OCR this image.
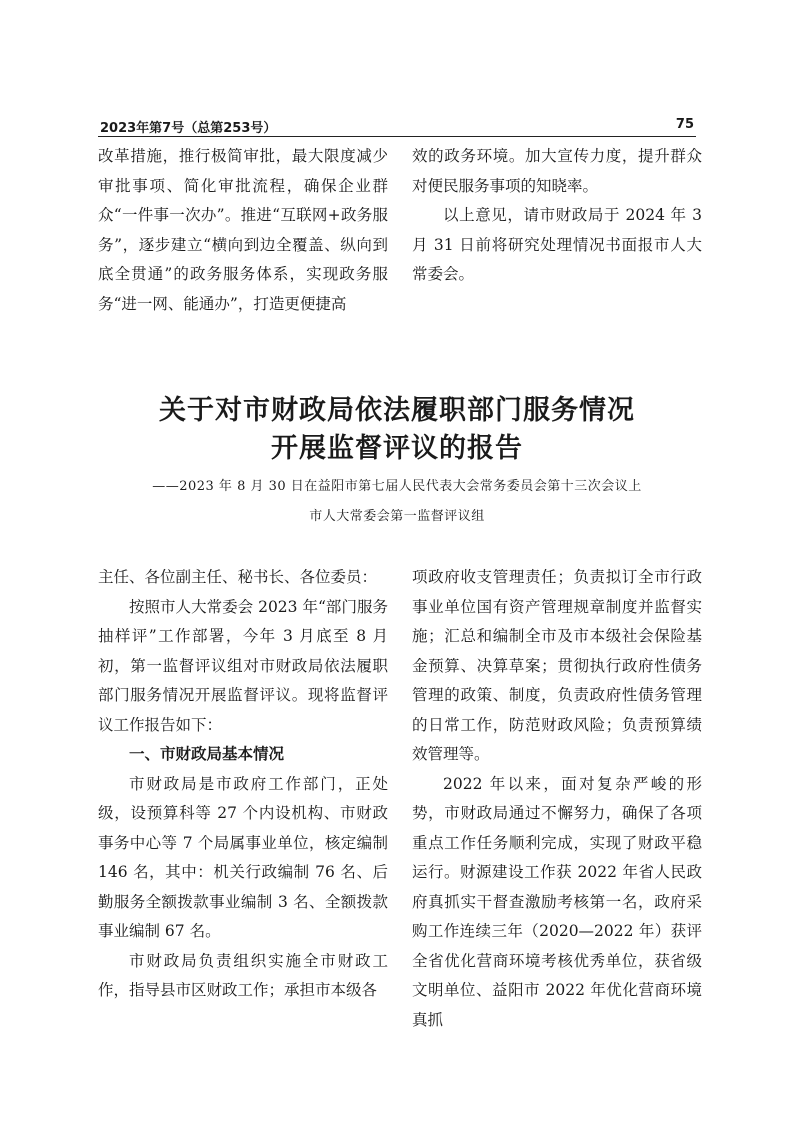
2023年第7号（总第253号）	75

改革措施，推行极简审批，最大限度减少审批事项、简化审批流程，确保企业群众“一件事一次办”。推进“互联网+政务服务”，逐步建立“横向到边全覆盖、纵向到底全贯通”的政务服务体系，实现政务服务“进一网、能通办”，打造更便捷高

效的政务环境。加大宣传力度，提升群众对便民服务事项的知晓率。

以上意见，请市财政局于 2024 年 3 月 31 日前将研究处理情况书面报市人大常委会。

关于对市财政局依法履职部门服务情况
开展监督评议的报告
——2023 年 8 月 30 日在益阳市第七届人民代表大会常务委员会第十三次会议上
市人大常委会第一监督评议组

主任、各位副主任、秘书长、各位委员：

按照市人大常委会 2023 年“部门服务抽样评”工作部署，今年 3 月底至 8 月初，第一监督评议组对市财政局依法履职部门服务情况开展监督评议。现将监督评议工作报告如下：

一、市财政局基本情况

市财政局是市政府工作部门，正处级，设预算科等 27 个内设机构、市财政事务中心等 7 个局属事业单位，核定编制 146 名，其中：机关行政编制 76 名、后勤服务全额拨款事业编制 3 名、全额拨款事业编制 67 名。

市财政局负责组织实施全市财政工作，指导县市区财政工作；承担市本级各

项政府收支管理责任；负责拟订全市行政事业单位国有资产管理规章制度并监督实施；汇总和编制全市及市本级社会保险基金预算、决算草案；贯彻执行政府性债务管理的政策、制度，负责政府性债务管理的日常工作，防范财政风险；负责预算绩效管理等。

2022 年以来，面对复杂严峻的形势，市财政局通过不懈努力，确保了各项重点工作任务顺利完成，实现了财政平稳运行。财源建设工作获 2022 年省人民政府真抓实干督查激励考核第一名，政府采购工作连续三年（2020—2022 年）获评全省优化营商环境考核优秀单位，获省级文明单位、益阳市 2022 年优化营商环境真抓
